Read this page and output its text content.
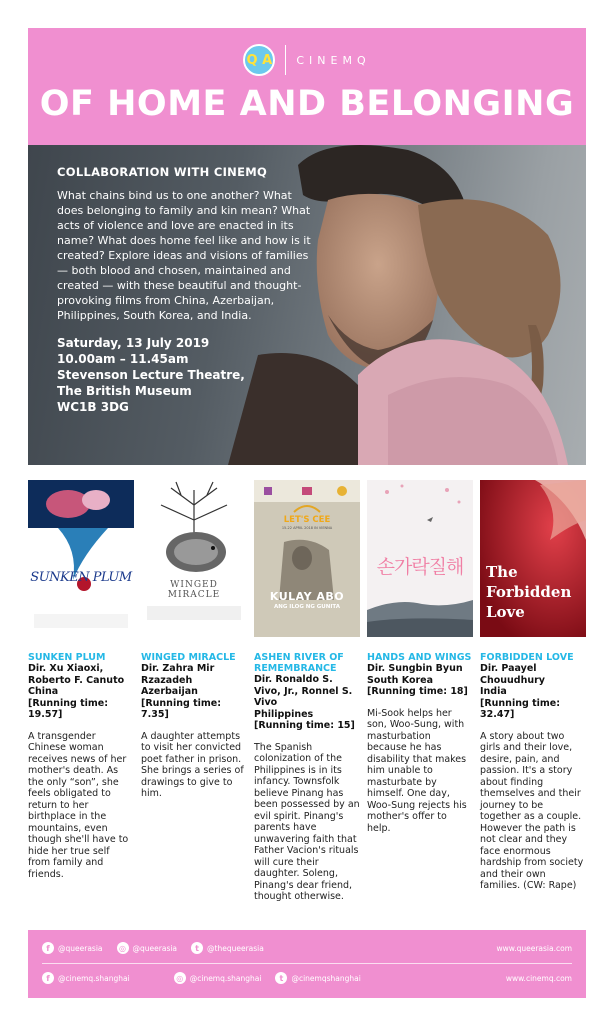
Q A CINEMQ
OF HOME AND BELONGING
COLLABORATION WITH CINEMQ
What chains bind us to one another? What does belonging to family and kin mean? What acts of violence and love are enacted in its name? What does home feel like and how is it created? Explore ideas and visions of families — both blood and chosen, maintained and created — with these beautiful and thought-provoking films from China, Azerbaijan, Philippines, South Korea, and India.
Saturday, 13 July 2019
10.00am – 11.45am
Stevenson Lecture Theatre,
The British Museum
WC1B 3DG
SUNKEN PLUM
SUNKEN PLUM
Dir. Xu Xiaoxi, Roberto F. Canuto
China
[Running time: 19.57]
A transgender Chinese woman receives news of her mother's death. As the only “son”, she feels obligated to return to her birthplace in the mountains, even though she'll have to hide her true self from family and friends.
WINGED
MIRACLE
WINGED MIRACLE
Dir. Zahra Mir Rzazadeh
Azerbaijan
[Running time: 7.35]
A daughter attempts to visit her convicted poet father in prison. She brings a series of drawings to give to him.
LET'S CEE
15-22 APRIL 2018 IN VIENNA
KULAY ABO
ANG ILOG NG GUNITA
ASHEN RIVER OF REMEMBRANCE
Dir. Ronaldo S. Vivo, Jr., Ronnel S. Vivo
Philippines
[Running time: 15]
The Spanish colonization of the Philippines is in its infancy. Townsfolk believe Pinang has been possessed by an evil spirit. Pinang's parents have unwavering faith that Father Vacion's rituals will cure their daughter. Soleng, Pinang's dear friend, thought otherwise.
손가락질해
HANDS AND WINGS
Dir. Sungbin Byun
South Korea
[Running time: 18]
Mi-Sook helps her son, Woo-Sung, with masturbation because he has disability that makes him unable to masturbate by himself. One day, Woo-Sung rejects his mother's offer to help.
The
Forbidden
Love
FORBIDDEN LOVE
Dir. Paayel Chouudhury
India
[Running time: 32.47]
A story about two girls and their love, desire, pain, and passion. It's a story about finding themselves and their journey to be together as a couple. However the path is not clear and they face enormous hardship from society and their own families. (CW: Rape)
f	@queerasia	◎ @queerasia	t	@thequeerasia	www.queerasia.com
f	@cinemq.shanghai	◎ @cinemq.shanghai	t	@cinemqshanghai	www.cinemq.com
